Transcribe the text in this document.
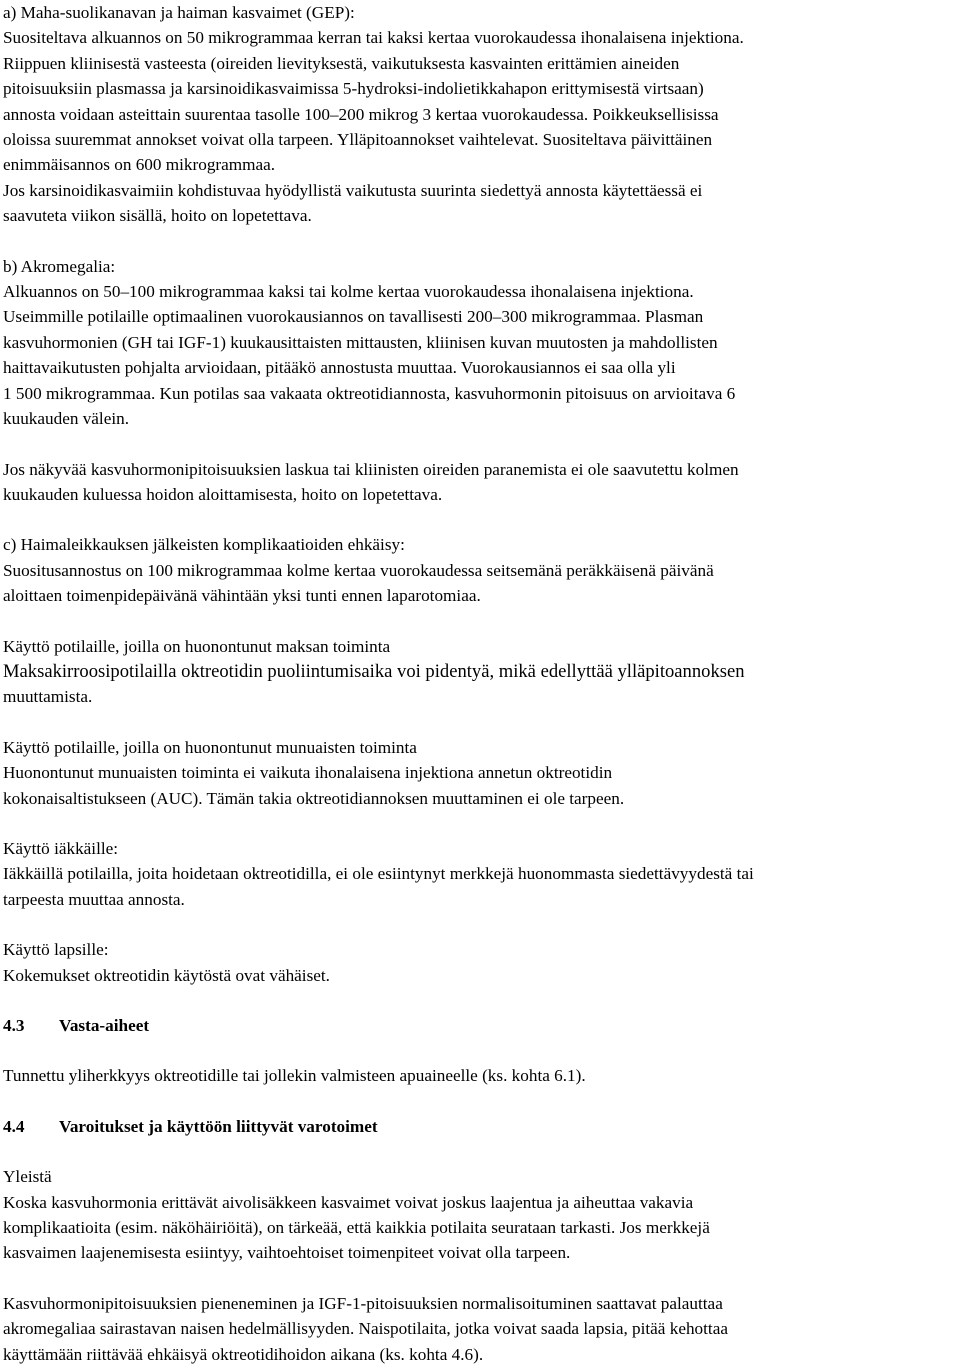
a) Maha-suolikanavan ja haiman kasvaimet (GEP):
Suositeltava alkuannos on 50 mikrogrammaa kerran tai kaksi kertaa vuorokaudessa ihonalaisena injektiona.
Riippuen kliinisestä vasteesta (oireiden lievityksestä, vaikutuksesta kasvainten erittämien aineiden
pitoisuuksiin plasmassa ja karsinoidikasvaimissa 5-hydroksi-indolietikkahapon erittymisestä virtsaan)
annosta voidaan asteittain suurentaa tasolle 100–200 mikrog 3 kertaa vuorokaudessa. Poikkeuksellisissa
oloissa suuremmat annokset voivat olla tarpeen. Ylläpitoannokset vaihtelevat. Suositeltava päivittäinen
enimmäisannos on 600 mikrogrammaa.
Jos karsinoidikasvaimiin kohdistuvaa hyödyllistä vaikutusta suurinta siedettyä annosta käytettäessä ei
saavuteta viikon sisällä, hoito on lopetettava.
b) Akromegalia:
Alkuannos on 50–100 mikrogrammaa kaksi tai kolme kertaa vuorokaudessa ihonalaisena injektiona.
Useimmille potilaille optimaalinen vuorokausiannos on tavallisesti 200–300 mikrogrammaa. Plasman
kasvuhormonien (GH tai IGF-1) kuukausittaisten mittausten, kliinisen kuvan muutosten ja mahdollisten
haittavaikutusten pohjalta arvioidaan, pitääkö annostusta muuttaa. Vuorokausiannos ei saa olla yli
1 500 mikrogrammaa. Kun potilas saa vakaata oktreotidiannosta, kasvuhormonin pitoisuus on arvioitava 6
kuukauden välein.
Jos näkyvää kasvuhormonipitoisuuksien laskua tai kliinisten oireiden paranemista ei ole saavutettu kolmen
kuukauden kuluessa hoidon aloittamisesta, hoito on lopetettava.
c) Haimaleikkauksen jälkeisten komplikaatioiden ehkäisy:
Suositusannostus on 100 mikrogrammaa kolme kertaa vuorokaudessa seitsemänä peräkkäisenä päivänä
aloittaen toimenpidepäivänä vähintään yksi tunti ennen laparotomiaa.
Käyttö potilaille, joilla on huonontunut maksan toiminta
Maksakirroosipotilailla oktreotidin puoliintumisaika voi pidentyä, mikä edellyttää ylläpitoannoksen
muuttamista.
Käyttö potilaille, joilla on huonontunut munuaisten toiminta
Huonontunut munuaisten toiminta ei vaikuta ihonalaisena injektiona annetun oktreotidin
kokonaisaltistukseen (AUC). Tämän takia oktreotidiannoksen muuttaminen ei ole tarpeen.
Käyttö iäkkäille:
Iäkkäillä potilailla, joita hoidetaan oktreotidilla, ei ole esiintynyt merkkejä huonommasta siedettävyydestä tai
tarpeesta muuttaa annosta.
Käyttö lapsille:
Kokemukset oktreotidin käytöstä ovat vähäiset.
4.3 Vasta-aiheet
Tunnettu yliherkkyys oktreotidille tai jollekin valmisteen apuaineelle (ks. kohta 6.1).
4.4 Varoitukset ja käyttöön liittyvät varotoimet
Yleistä
Koska kasvuhormonia erittävät aivolisäkkeen kasvaimet voivat joskus laajentua ja aiheuttaa vakavia
komplikaatioita (esim. näköhäiriöitä), on tärkeää, että kaikkia potilaita seurataan tarkasti. Jos merkkejä
kasvaimen laajenemisesta esiintyy, vaihtoehtoiset toimenpiteet voivat olla tarpeen.
Kasvuhormonipitoisuuksien pieneneminen ja IGF-1-pitoisuuksien normalisoituminen saattavat palauttaa
akromegaliaa sairastavan naisen hedelmällisyyden. Naispotilaita, jotka voivat saada lapsia, pitää kehottaa
käyttämään riittävää ehkäisyä oktreotidihoidon aikana (ks. kohta 4.6).
